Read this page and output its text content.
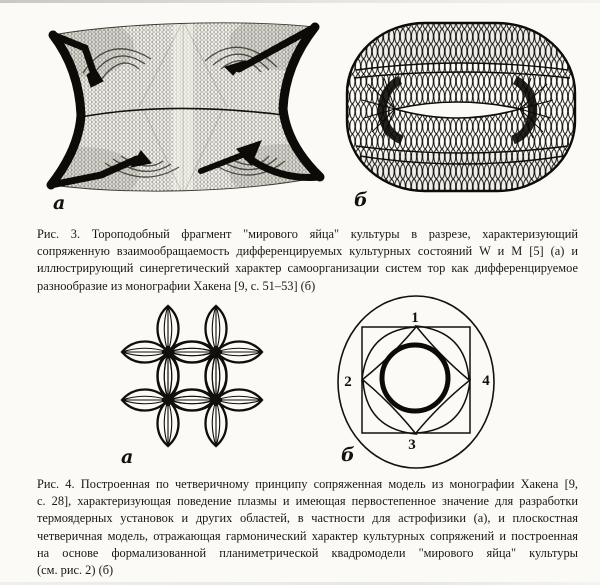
а	б
Рис. 3. Тороподобный фрагмент "мирового яйца" культуры в разрезе, характеризующий
сопряженную взаимообращаемость дифференцируемых культурных состояний W и М [5] (а) и
иллюстрирующий синергетический характер самоорганизации систем тор как дифференцируемое
разнообразие из монографии Хакена [9, с. 51–53] (б)
а
1
2
3
4
б
Рис. 4. Построенная по четверичному принципу сопряженная модель из монографии Хакена [9,
с. 28], характеризующая поведение плазмы и имеющая первостепенное значение для разработки
термоядерных установок и других областей, в частности для астрофизики (а), и плоскостная
четверичная модель, отражающая гармонический характер культурных сопряжений и построенная
на основе формализованной планиметрической квадромодели "мирового яйца" культуры
(см. рис. 2) (б)
